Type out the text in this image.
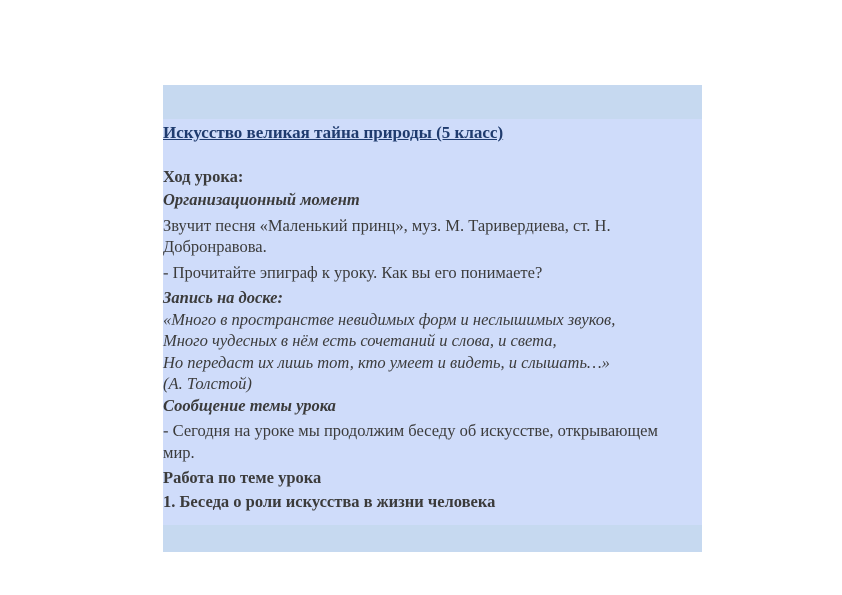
Искусство великая тайна природы (5 класс)

Ход урока:

Организационный момент

Звучит песня «Маленький принц», муз. М. Таривердиева, ст. Н.

Добронравова.

- Прочитайте эпиграф к уроку. Как вы его понимаете?

Запись на доске:

«Много в пространстве невидимых форм и неслышимых звуков,

Много чудесных в нём есть сочетаний и слова, и света,

Но передаст их лишь тот, кто умеет и видеть, и слышать…»

(А. Толстой)

Сообщение темы урока

- Сегодня на уроке мы продолжим беседу об искусстве, открывающем

мир.

Работа по теме урока

1. Беседа о роли искусства в жизни человека
